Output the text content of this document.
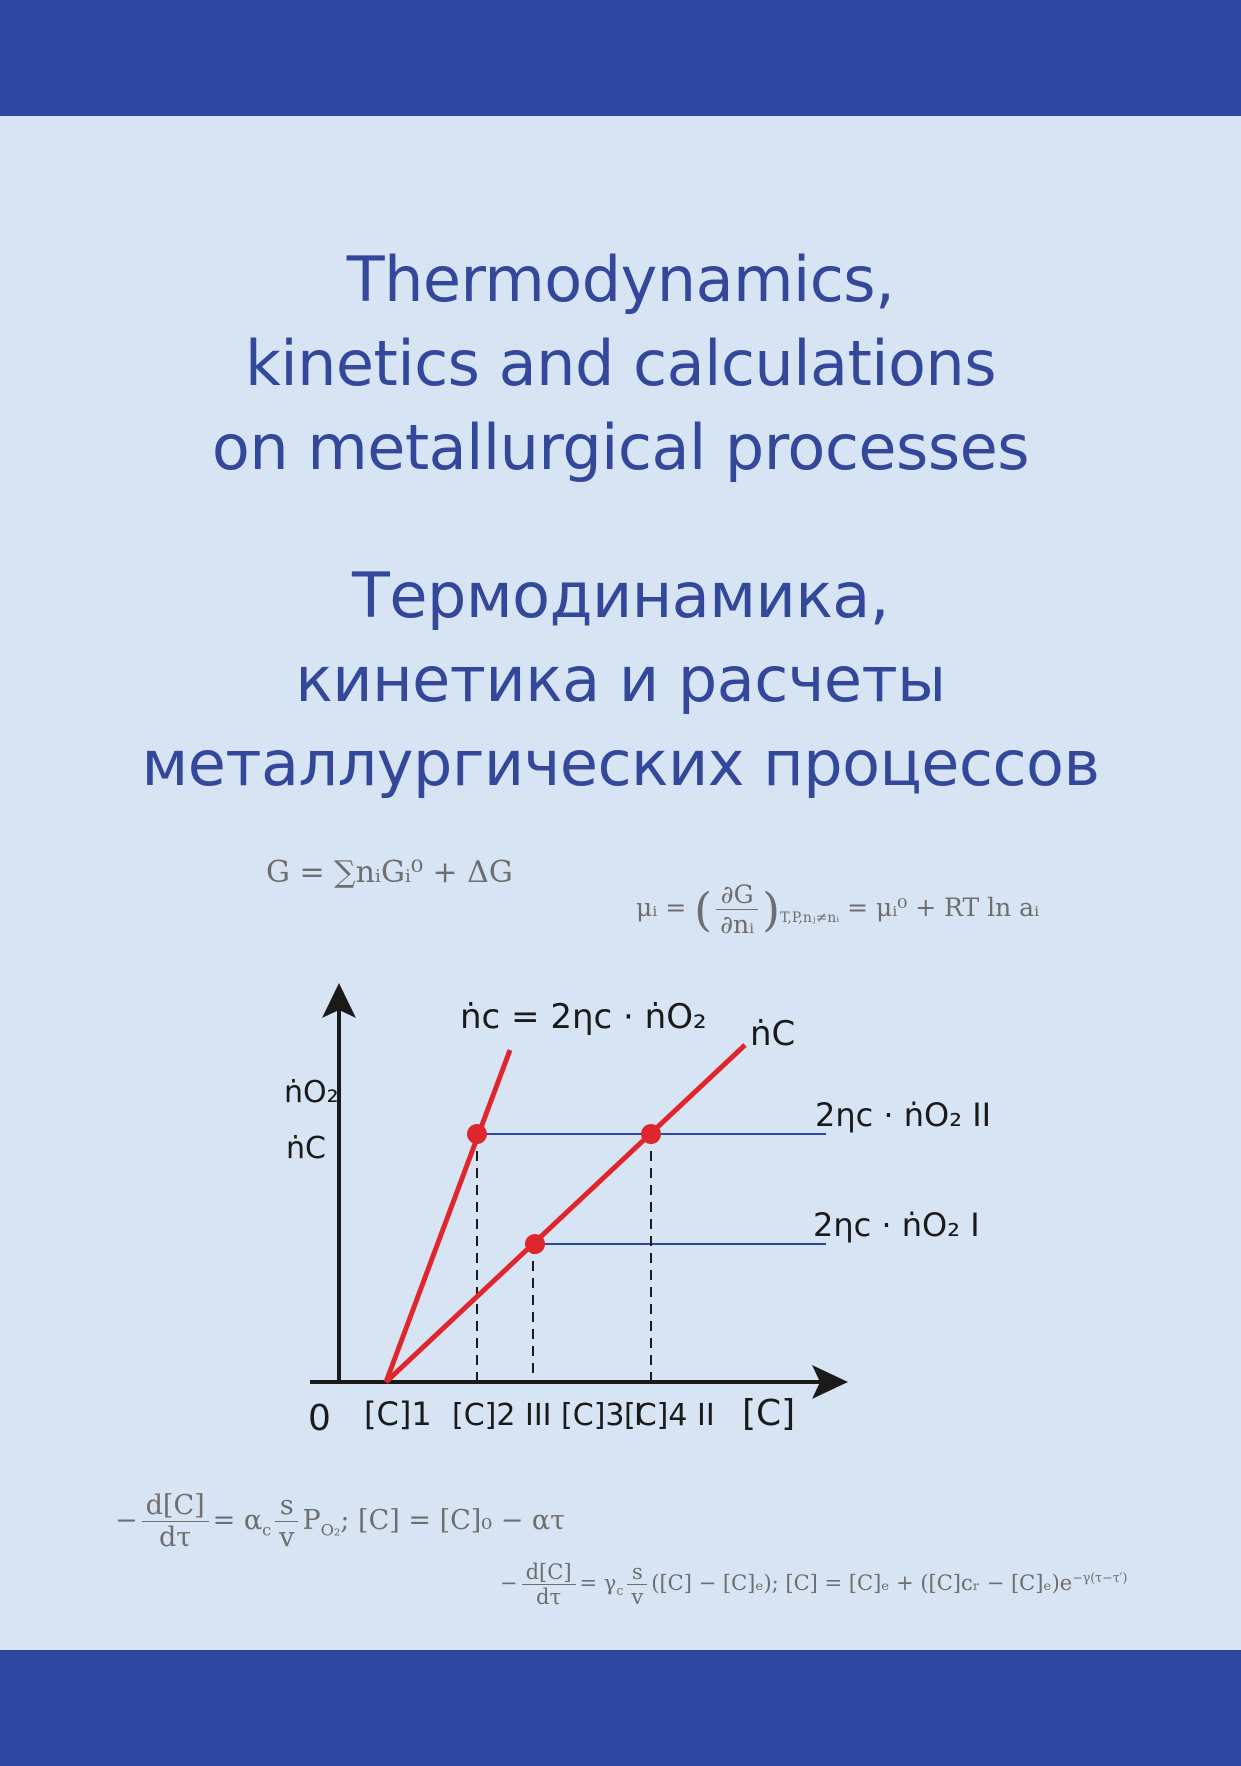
Thermodynamics,
kinetics and calculations
on metallurgical processes
Термодинамика,
кинетика и расчеты
металлургических процессов
G = ∑nᵢGᵢ⁰ + ΔG
μᵢ = ( $\frac{\partial G}{\text{∂nᵢ}} )_{T,P,nⱼ\ne nᵢ}$ = μᵢ⁰ + RT ln aᵢ
0	[C]
ṅO₂
ṅC
ṅc = 2ηc · ṅO₂ ṅC
2ηc · ṅO₂ II
2ηc · ṅO₂ I
[C]1 [C]2 III [C]3 I
[C]4 II
− $\frac{d[C]}{d\tau} = \alpha_c \frac{s}{v} P_{O_2}$; [C] = [C]₀ − ατ
− $\frac{d[C]}{d\tau} = \gamma_c \frac{s}{v} ([C] - [C]_e)$; [C] = [C]ₑ + ([C]ᴄᵣ − $[C]_e)e^{-\gamma(\tau-\tau')}$
